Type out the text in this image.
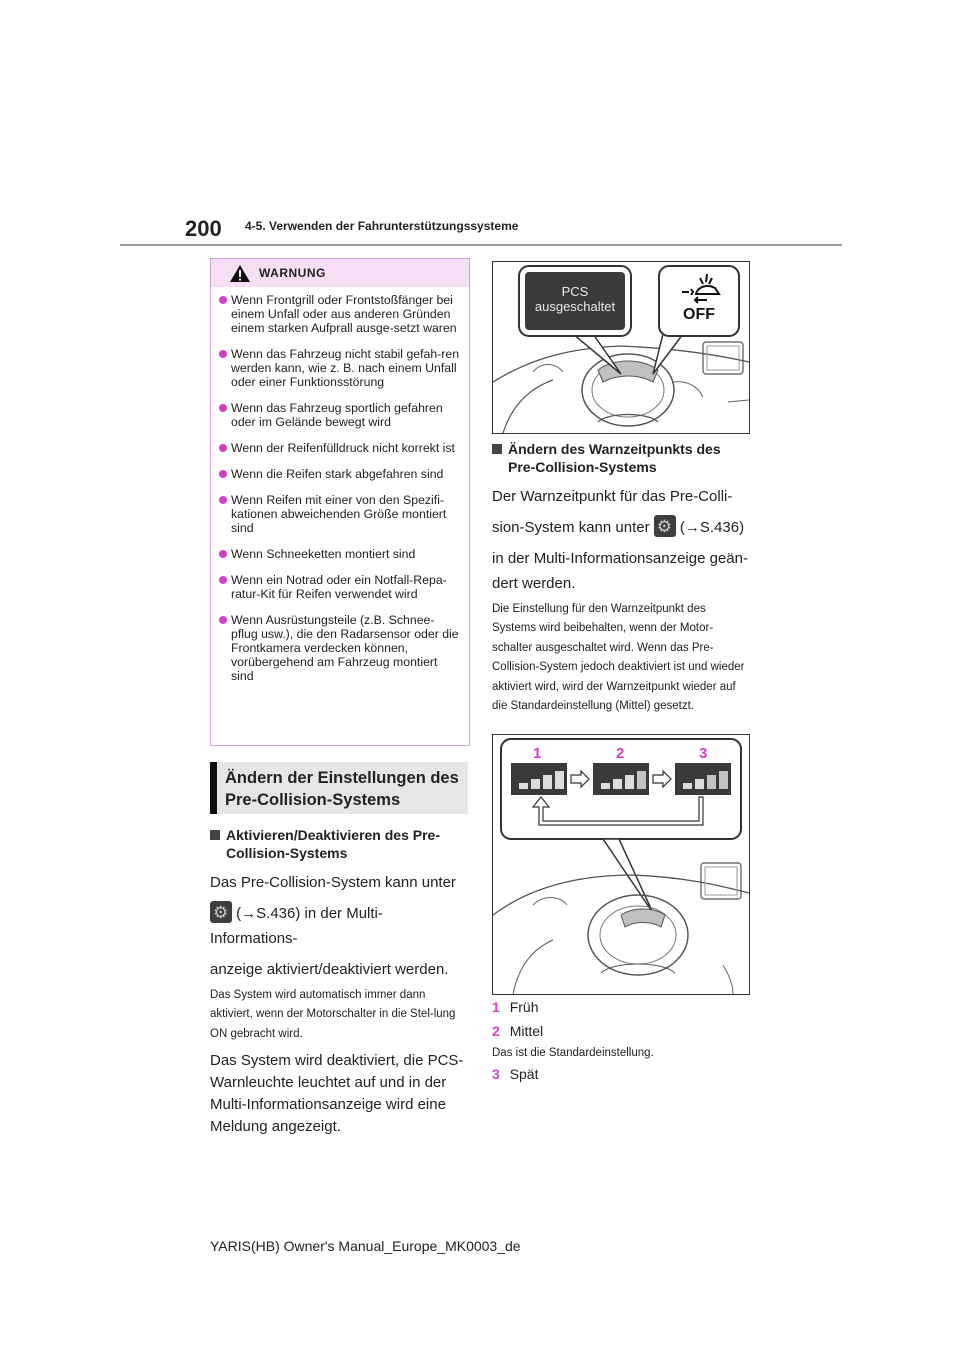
200 4-5. Verwenden der Fahrunterstützungssysteme
WARNUNG
Wenn Frontgrill oder Frontstoßfänger bei einem Unfall oder aus anderen Gründen einem starken Aufprall ausge-setzt waren
Wenn das Fahrzeug nicht stabil gefah-ren werden kann, wie z. B. nach einem Unfall oder einer Funktionsstörung
Wenn das Fahrzeug sportlich gefahren oder im Gelände bewegt wird
Wenn der Reifenfülldruck nicht korrekt ist
Wenn die Reifen stark abgefahren sind
Wenn Reifen mit einer von den Spezifi-kationen abweichenden Größe montiert sind
Wenn Schneeketten montiert sind
Wenn ein Notrad oder ein Notfall-Repa-ratur-Kit für Reifen verwendet wird
Wenn Ausrüstungsteile (z.B. Schnee-pflug usw.), die den Radarsensor oder die Frontkamera verdecken können, vorübergehend am Fahrzeug montiert sind
Ändern der Einstellungen des Pre-Collision-Systems
Aktivieren/Deaktivieren des Pre-Collision-Systems
Das Pre-Collision-System kann unter
⚙ (→S.436) in der Multi-Informations-
anzeige aktiviert/deaktiviert werden.
Das System wird automatisch immer dann aktiviert, wenn der Motorschalter in die Stel-lung ON gebracht wird.
Das System wird deaktiviert, die PCS-Warnleuchte leuchtet auf und in der Multi-Informationsanzeige wird eine Meldung angezeigt.
PCS
ausgeschaltet	OFF
Ändern des Warnzeitpunkts des Pre-Collision-Systems
Der Warnzeitpunkt für das Pre-Colli-
sion-System kann unter ⚙ (→S.436)
in der Multi-Informationsanzeige geän-
dert werden.
Die Einstellung für den Warnzeitpunkt des Systems wird beibehalten, wenn der Motor-schalter ausgeschaltet wird. Wenn das Pre-Collision-System jedoch deaktiviert ist und wieder aktiviert wird, wird der Warnzeitpunkt wieder auf die Standardeinstellung (Mittel) gesetzt.
1	2	3
1 Früh
2 Mittel
Das ist die Standardeinstellung.
3 Spät
YARIS(HB) Owner's Manual_Europe_MK0003_de
